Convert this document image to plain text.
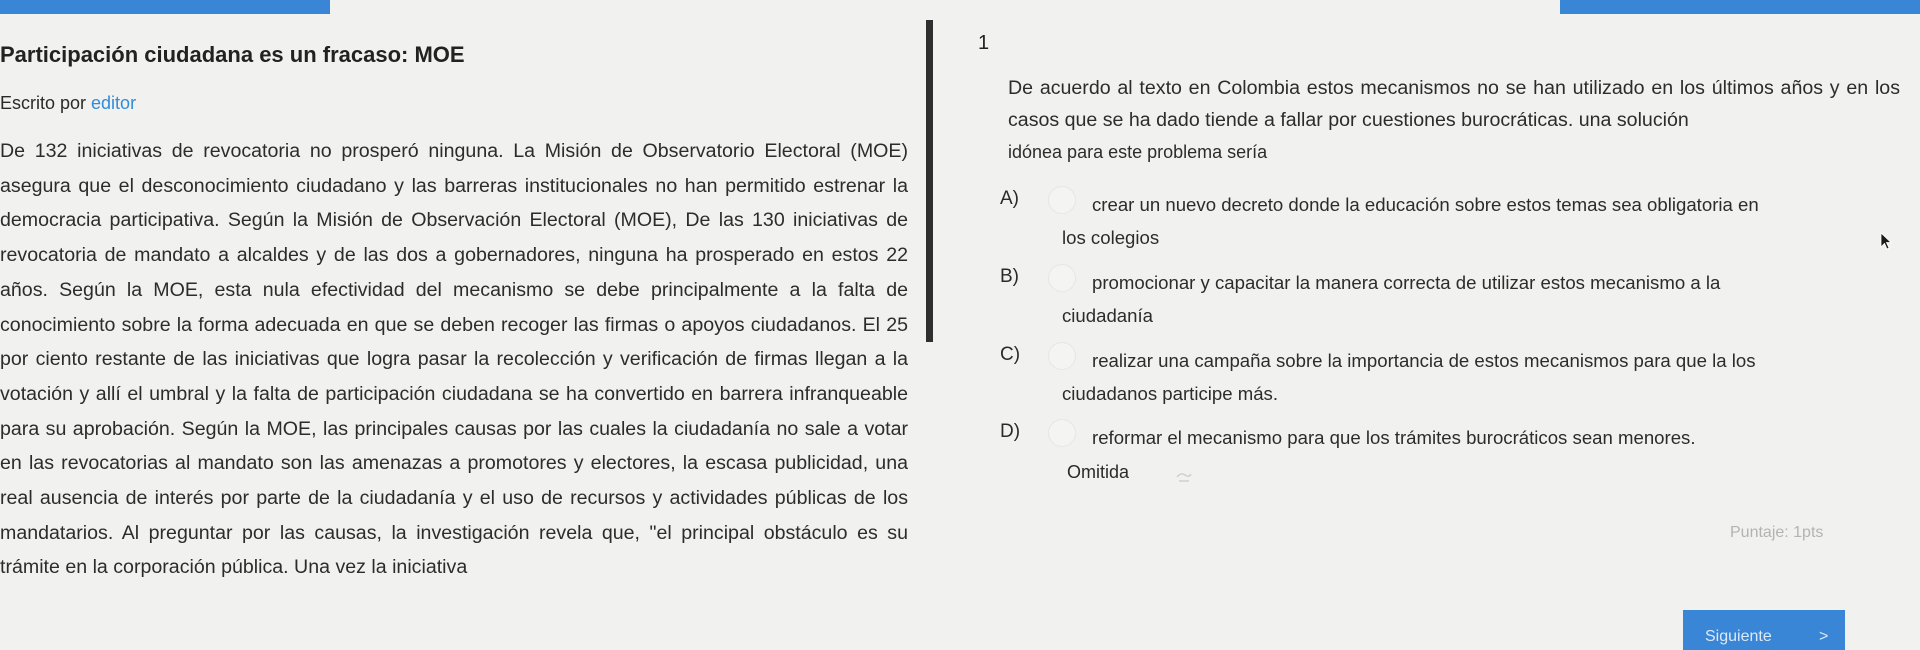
Participación ciudadana es un fracaso: MOE
Escrito por editor
De 132 iniciativas de revocatoria no prosperó ninguna. La Misión de Observatorio Electoral (MOE) asegura que el desconocimiento ciudadano y las barreras institucionales no han permitido estrenar la democracia participativa. Según la Misión de Observación Electoral (MOE), De las 130 iniciativas de revocatoria de mandato a alcaldes y de las dos a gobernadores, ninguna ha prosperado en estos 22 años. Según la MOE, esta nula efectividad del mecanismo se debe principalmente a la falta de conocimiento sobre la forma adecuada en que se deben recoger las firmas o apoyos ciudadanos. El 25 por ciento restante de las iniciativas que logra pasar la recolección y verificación de firmas llegan a la votación y allí el umbral y la falta de participación ciudadana se ha convertido en barrera infranqueable para su aprobación. Según la MOE, las principales causas por las cuales la ciudadanía no sale a votar en las revocatorias al mandato son las amenazas a promotores y electores, la escasa publicidad, una real ausencia de interés por parte de la ciudadanía y el uso de recursos y actividades públicas de los mandatarios. Al preguntar por las causas, la investigación revela que, "el principal obstáculo es su trámite en la corporación pública. Una vez la iniciativa
1
De acuerdo al texto en Colombia estos mecanismos no se han utilizado en los últimos años y en los casos que se ha dado tiende a fallar por cuestiones burocráticas. una solución
idónea para este problema sería
A)	crear un nuevo decreto donde la educación sobre estos temas sea obligatoria en
los colegios
B)	promocionar y capacitar la manera correcta de utilizar estos mecanismo a la
ciudadanía
C)	realizar una campaña sobre la importancia de estos mecanismos para que la los
ciudadanos participe más.
D)	reformar el mecanismo para que los trámites burocráticos sean menores.
Omitida
Puntaje: 1pts
Siguiente	>
